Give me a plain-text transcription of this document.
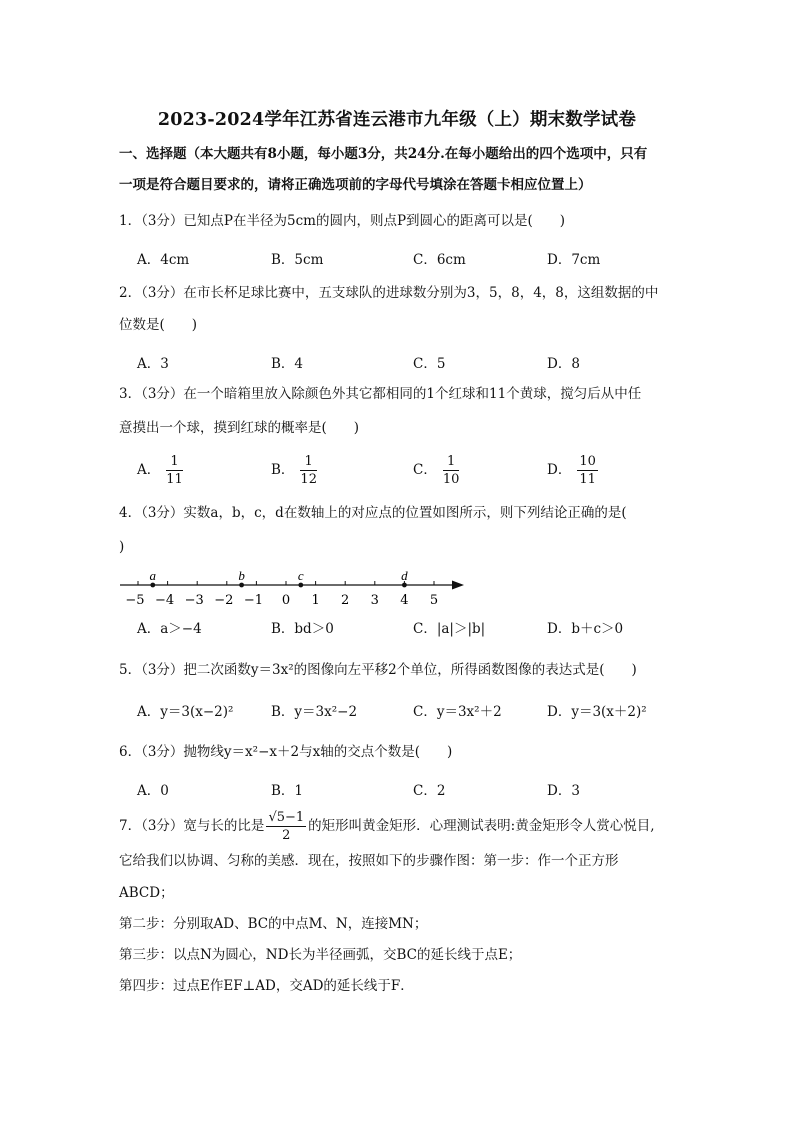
2023-2024学年江苏省连云港市九年级（上）期末数学试卷
一、选择题（本大题共有8小题，每小题3分，共24分.在每小题给出的四个选项中，只有
一项是符合题目要求的，请将正确选项前的字母代号填涂在答题卡相应位置上）
1．（3分）已知点P在半径为5cm的圆内，则点P到圆心的距离可以是(　　)
A．4cm	B．5cm	C．6cm	D．7cm
2．（3分）在市长杯足球比赛中，五支球队的进球数分别为3，5，8，4，8，这组数据的中
位数是(　　)
A．3	B．4	C．5	D．8
3．（3分）在一个暗箱里放入除颜色外其它都相同的1个红球和11个黄球，搅匀后从中任
意摸出一个球，摸到红球的概率是(　　)
A． $\frac{1}{11}$	B． $\frac{1}{12}$	C． $\frac{1}{10}$	D． $\frac{10}{11}$
4．（3分）实数a，b，c，d在数轴上的对应点的位置如图所示，则下列结论正确的是(
)
−5 −4 −3 −2 −1 0 1 2 3 4 5
a	b	c	d
A．a＞−4	B．bd＞0	C．|a|＞|b|	D．b＋c＞0
5．（3分）把二次函数y＝3x²的图像向左平移2个单位，所得函数图像的表达式是(　　)
A．y＝3(x−2)²	B．y＝3x²−2	C．y＝3x²＋2	D．y＝3(x＋2)²
6．（3分）抛物线y＝x²−x＋2与x轴的交点个数是(　　)
A．0	B．1	C．2	D．3
7．（3分）宽与长的比是 $\frac{√5-1}{2}$ 的矩形叫黄金矩形．心理测试表明:黄金矩形令人赏心悦目,
它给我们以协调、匀称的美感．现在，按照如下的步骤作图：第一步：作一个正方形
ABCD；
第二步：分别取AD、BC的中点M、N，连接MN；
第三步：以点N为圆心，ND长为半径画弧，交BC的延长线于点E；
第四步：过点E作EF⊥AD，交AD的延长线于F．
